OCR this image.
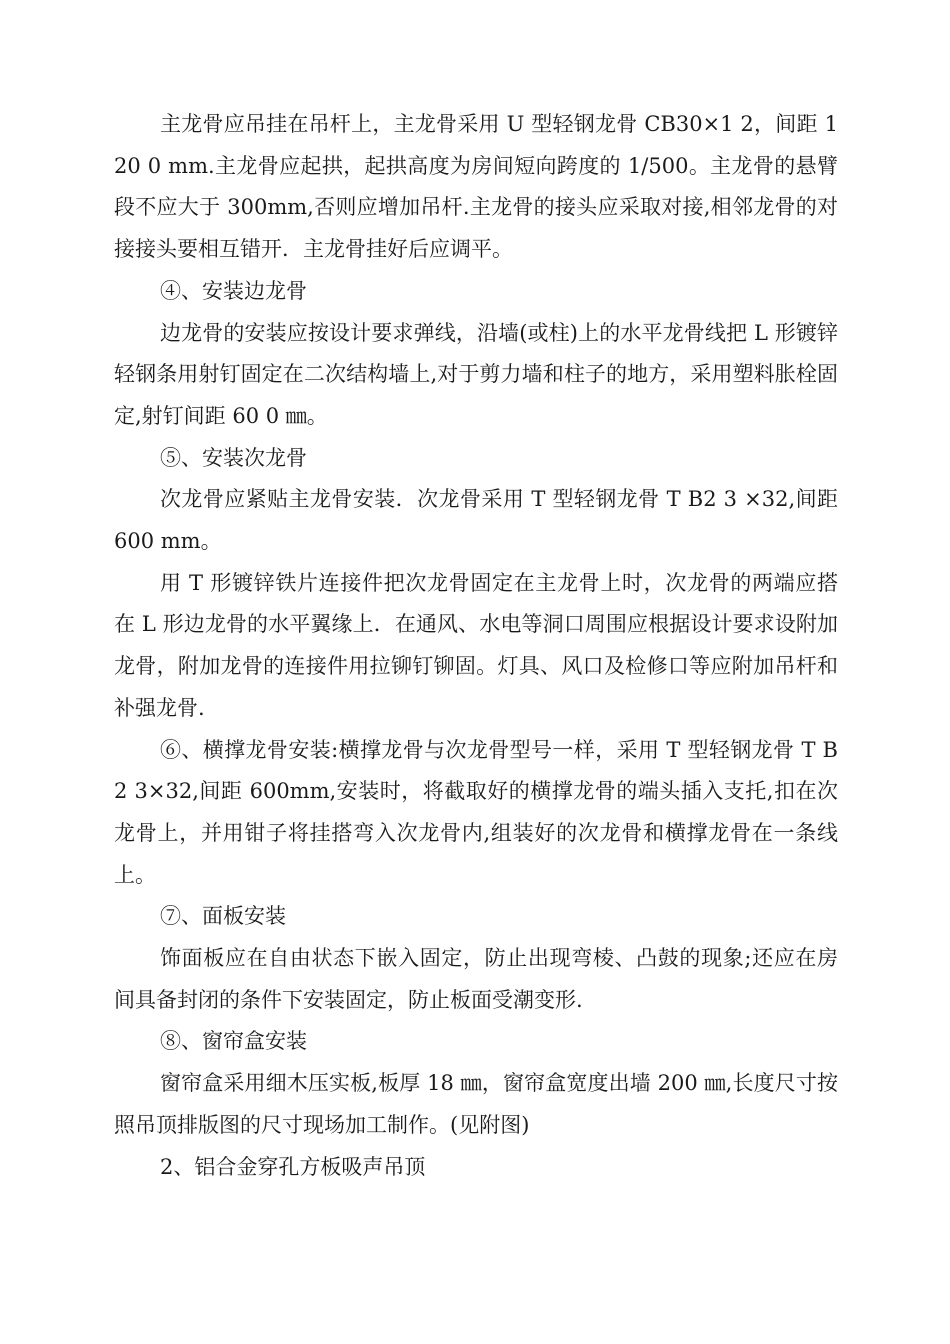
主龙骨应吊挂在吊杆上，主龙骨采用 U 型轻钢龙骨 CB30×1 2，间距 120 0 mm.主龙骨应起拱，起拱高度为房间短向跨度的 1/500。主龙骨的悬臂段不应大于 300mm,否则应增加吊杆.主龙骨的接头应采取对接,相邻龙骨的对接接头要相互错开．主龙骨挂好后应调平。

④、安装边龙骨

边龙骨的安装应按设计要求弹线，沿墙(或柱)上的水平龙骨线把 L 形镀锌轻钢条用射钉固定在二次结构墙上,对于剪力墙和柱子的地方，采用塑料胀栓固定,射钉间距 60 0 ㎜。

⑤、安装次龙骨

次龙骨应紧贴主龙骨安装．次龙骨采用 T 型轻钢龙骨 T B2 3 ×32,间距 600 mm。

用 T 形镀锌铁片连接件把次龙骨固定在主龙骨上时，次龙骨的两端应搭在 L 形边龙骨的水平翼缘上．在通风、水电等洞口周围应根据设计要求设附加龙骨，附加龙骨的连接件用拉铆钉铆固。灯具、风口及检修口等应附加吊杆和补强龙骨.

⑥、横撑龙骨安装:横撑龙骨与次龙骨型号一样，采用 T 型轻钢龙骨 T B 2 3×32,间距 600mm,安装时，将截取好的横撑龙骨的端头插入支托,扣在次龙骨上，并用钳子将挂搭弯入次龙骨内,组装好的次龙骨和横撑龙骨在一条线上。

⑦、面板安装

饰面板应在自由状态下嵌入固定，防止出现弯棱、凸鼓的现象;还应在房间具备封闭的条件下安装固定，防止板面受潮变形.

⑧、窗帘盒安装

窗帘盒采用细木压实板,板厚 18 ㎜，窗帘盒宽度出墙 200 ㎜,长度尺寸按照吊顶排版图的尺寸现场加工制作。(见附图)

2、铝合金穿孔方板吸声吊顶
